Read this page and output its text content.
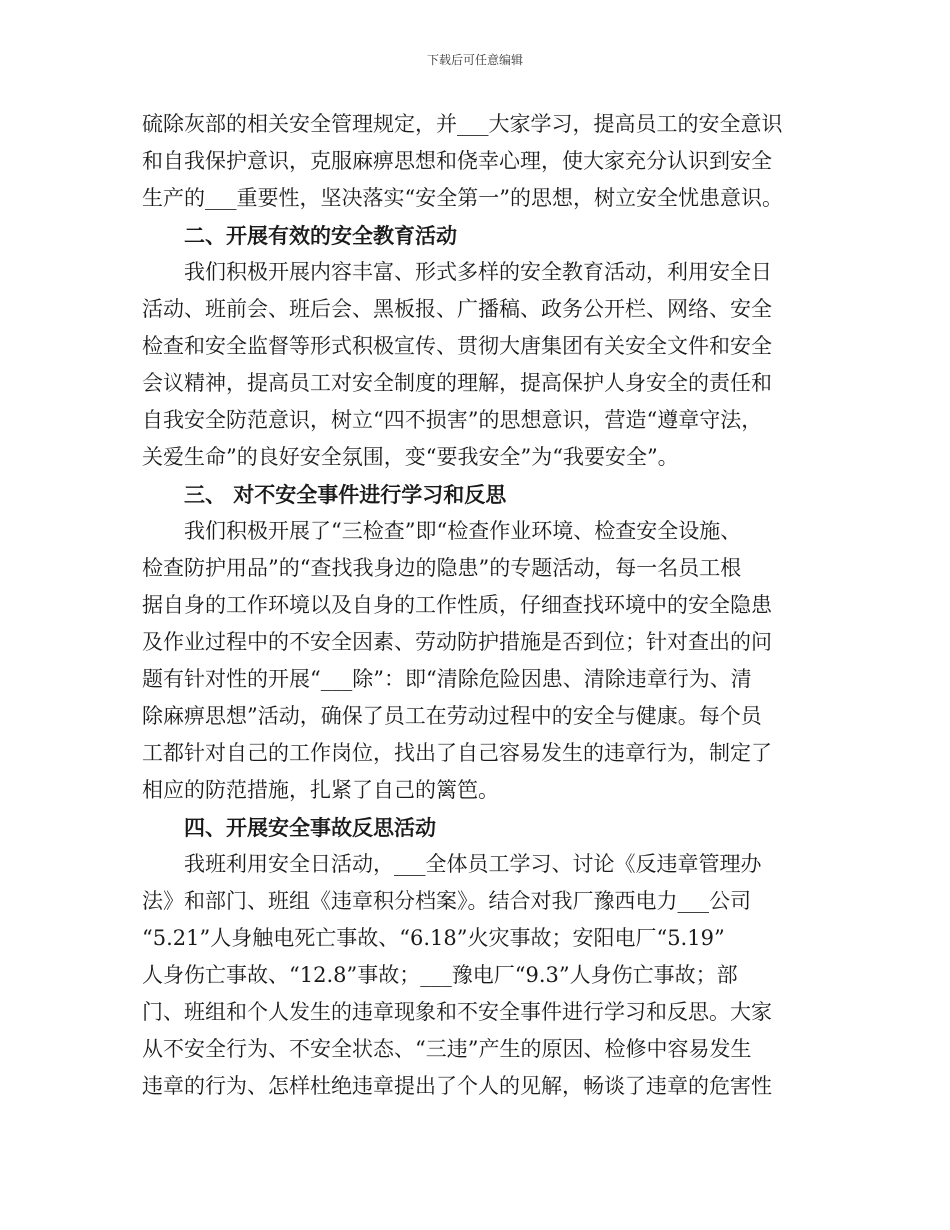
下载后可任意编辑

硫除灰部的相关安全管理规定，并___大家学习，提高员工的安全意识

和自我保护意识，克服麻痹思想和侥幸心理，使大家充分认识到安全

生产的___重要性，坚决落实“安全第一”的思想，树立安全忧患意识。

二、开展有效的安全教育活动

我们积极开展内容丰富、形式多样的安全教育活动，利用安全日

活动、班前会、班后会、黑板报、广播稿、政务公开栏、网络、安全

检查和安全监督等形式积极宣传、贯彻大唐集团有关安全文件和安全

会议精神，提高员工对安全制度的理解，提高保护人身安全的责任和

自我安全防范意识，树立“四不损害”的思想意识，营造“遵章守法，

关爱生命”的良好安全氛围，变“要我安全”为“我要安全”。

三、 对不安全事件进行学习和反思

我们积极开展了“三检查”即“检查作业环境、检查安全设施、

检查防护用品”的“查找我身边的隐患”的专题活动，每一名员工根

据自身的工作环境以及自身的工作性质，仔细查找环境中的安全隐患

及作业过程中的不安全因素、劳动防护措施是否到位；针对查出的问

题有针对性的开展“___除”：即“清除危险因患、清除违章行为、清

除麻痹思想”活动，确保了员工在劳动过程中的安全与健康。每个员

工都针对自己的工作岗位，找出了自己容易发生的违章行为，制定了

相应的防范措施，扎紧了自己的篱笆。

四、开展安全事故反思活动

我班利用安全日活动，___全体员工学习、讨论《反违章管理办

法》和部门、班组《违章积分档案》。结合对我厂豫西电力___公司

“5.21”人身触电死亡事故、“6.18”火灾事故；安阳电厂“5.19”

人身伤亡事故、“12.8”事故；___豫电厂“9.3”人身伤亡事故；部

门、班组和个人发生的违章现象和不安全事件进行学习和反思。大家

从不安全行为、不安全状态、“三违”产生的原因、检修中容易发生

违章的行为、怎样杜绝违章提出了个人的见解，畅谈了违章的危害性
